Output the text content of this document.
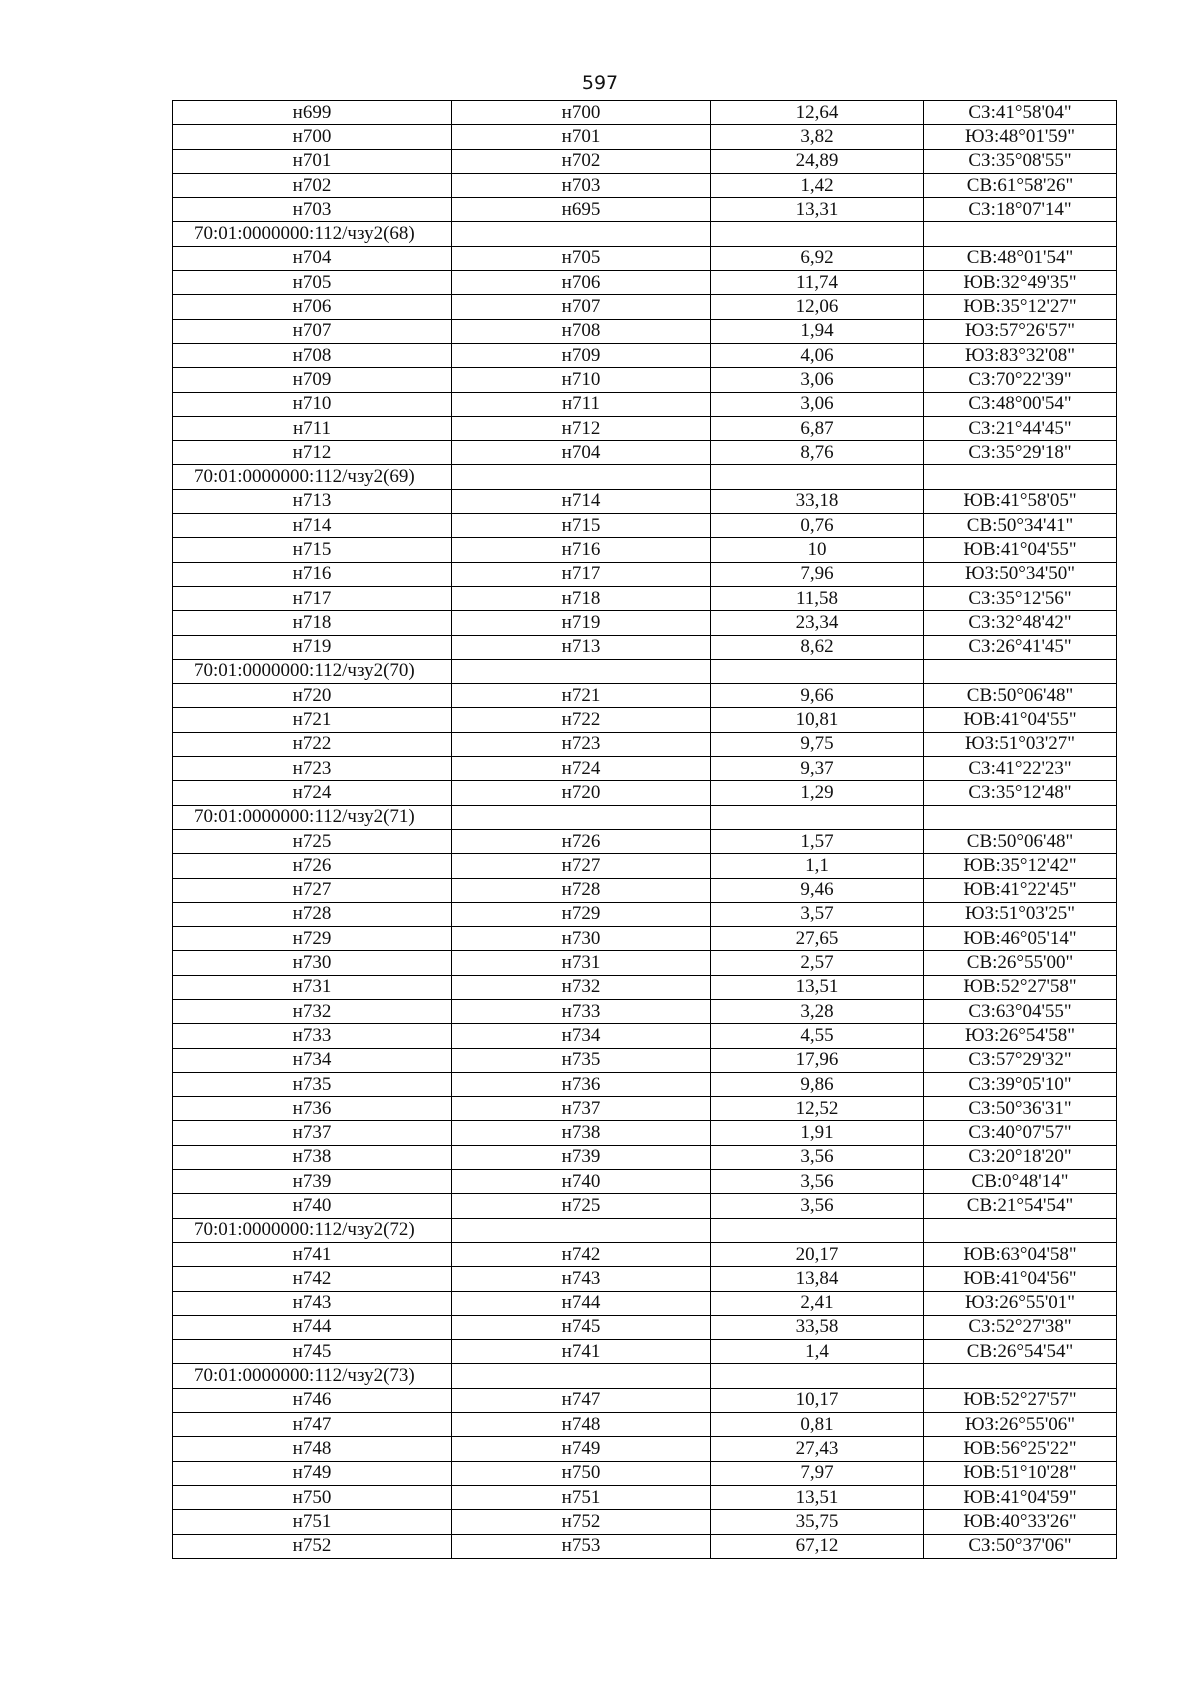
597
н699	н700	12,64	СЗ:41°58'04"
н700	н701	3,82	ЮЗ:48°01'59"
н701	н702	24,89	СЗ:35°08'55"
н702	н703	1,42	СВ:61°58'26"
н703	н695	13,31	СЗ:18°07'14"
70:01:0000000:112/чзу2(68)			
н704	н705	6,92	СВ:48°01'54"
н705	н706	11,74	ЮВ:32°49'35"
н706	н707	12,06	ЮВ:35°12'27"
н707	н708	1,94	ЮЗ:57°26'57"
н708	н709	4,06	ЮЗ:83°32'08"
н709	н710	3,06	СЗ:70°22'39"
н710	н711	3,06	СЗ:48°00'54"
н711	н712	6,87	СЗ:21°44'45"
н712	н704	8,76	СЗ:35°29'18"
70:01:0000000:112/чзу2(69)			
н713	н714	33,18	ЮВ:41°58'05"
н714	н715	0,76	СВ:50°34'41"
н715	н716	10	ЮВ:41°04'55"
н716	н717	7,96	ЮЗ:50°34'50"
н717	н718	11,58	СЗ:35°12'56"
н718	н719	23,34	СЗ:32°48'42"
н719	н713	8,62	СЗ:26°41'45"
70:01:0000000:112/чзу2(70)			
н720	н721	9,66	СВ:50°06'48"
н721	н722	10,81	ЮВ:41°04'55"
н722	н723	9,75	ЮЗ:51°03'27"
н723	н724	9,37	СЗ:41°22'23"
н724	н720	1,29	СЗ:35°12'48"
70:01:0000000:112/чзу2(71)			
н725	н726	1,57	СВ:50°06'48"
н726	н727	1,1	ЮВ:35°12'42"
н727	н728	9,46	ЮВ:41°22'45"
н728	н729	3,57	ЮЗ:51°03'25"
н729	н730	27,65	ЮВ:46°05'14"
н730	н731	2,57	СВ:26°55'00"
н731	н732	13,51	ЮВ:52°27'58"
н732	н733	3,28	СЗ:63°04'55"
н733	н734	4,55	ЮЗ:26°54'58"
н734	н735	17,96	СЗ:57°29'32"
н735	н736	9,86	СЗ:39°05'10"
н736	н737	12,52	СЗ:50°36'31"
н737	н738	1,91	СЗ:40°07'57"
н738	н739	3,56	СЗ:20°18'20"
н739	н740	3,56	СВ:0°48'14"
н740	н725	3,56	СВ:21°54'54"
70:01:0000000:112/чзу2(72)			
н741	н742	20,17	ЮВ:63°04'58"
н742	н743	13,84	ЮВ:41°04'56"
н743	н744	2,41	ЮЗ:26°55'01"
н744	н745	33,58	СЗ:52°27'38"
н745	н741	1,4	СВ:26°54'54"
70:01:0000000:112/чзу2(73)			
н746	н747	10,17	ЮВ:52°27'57"
н747	н748	0,81	ЮЗ:26°55'06"
н748	н749	27,43	ЮВ:56°25'22"
н749	н750	7,97	ЮВ:51°10'28"
н750	н751	13,51	ЮВ:41°04'59"
н751	н752	35,75	ЮВ:40°33'26"
н752	н753	67,12	СЗ:50°37'06"
